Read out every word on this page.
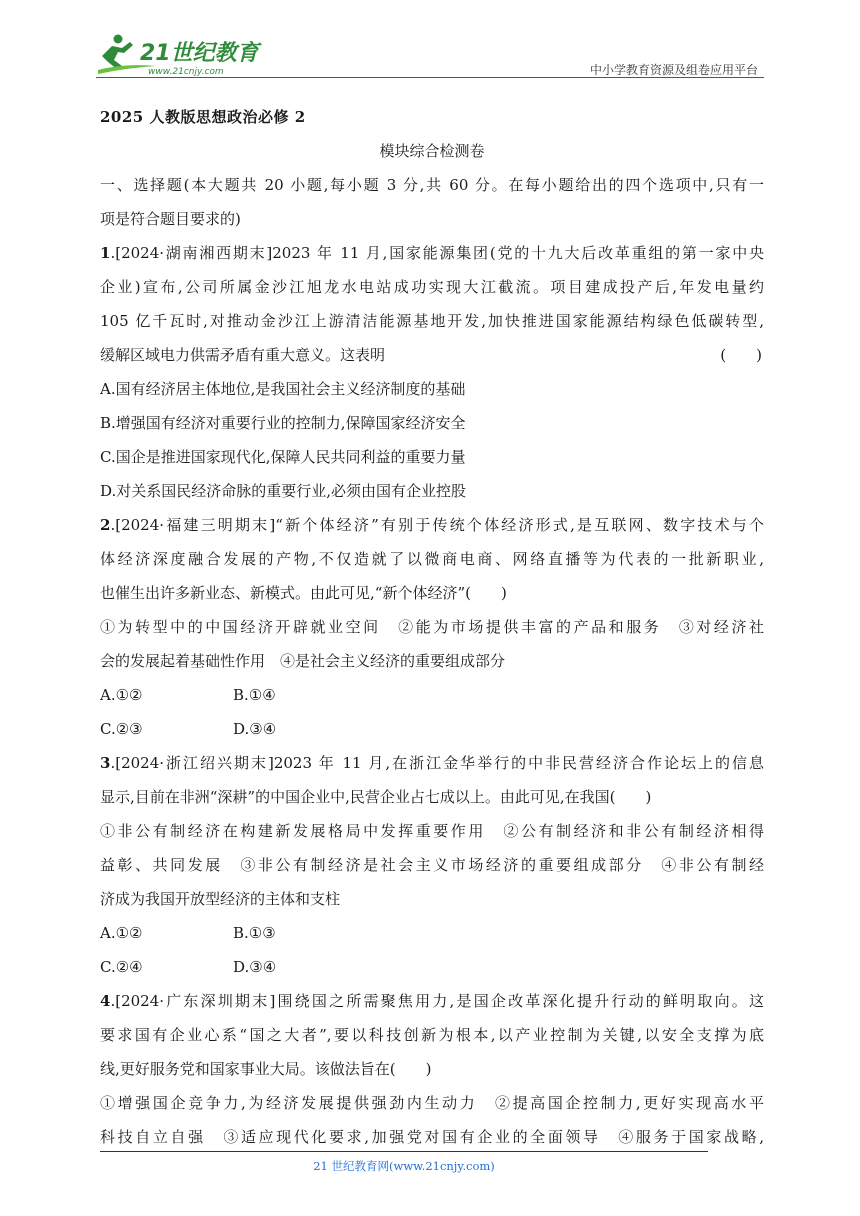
21世纪教育
www.21cnjy.com	中小学教育资源及组卷应用平台
2025 人教版思想政治必修 2
模块综合检测卷
一、选择题(本大题共 20 小题,每小题 3 分,共 60 分。在每小题给出的四个选项中,只有一
项是符合题目要求的)
1.[2024·湖南湘西期末]2023 年 11 月,国家能源集团(党的十九大后改革重组的第一家中央
企业)宣布,公司所属金沙江旭龙水电站成功实现大江截流。项目建成投产后,年发电量约
105 亿千瓦时,对推动金沙江上游清洁能源基地开发,加快推进国家能源结构绿色低碳转型,
缓解区域电力供需矛盾有重大意义。这表明	(　　)
A.国有经济居主体地位,是我国社会主义经济制度的基础
B.增强国有经济对重要行业的控制力,保障国家经济安全
C.国企是推进国家现代化,保障人民共同利益的重要力量
D.对关系国民经济命脉的重要行业,必须由国有企业控股
2.[2024·福建三明期末]“新个体经济”有别于传统个体经济形式,是互联网、数字技术与个
体经济深度融合发展的产物,不仅造就了以微商电商、网络直播等为代表的一批新职业,
也催生出许多新业态、新模式。由此可见,“新个体经济”(　　)
①为转型中的中国经济开辟就业空间　②能为市场提供丰富的产品和服务　③对经济社
会的发展起着基础性作用　④是社会主义经济的重要组成部分
A.①②	B.①④
C.②③	D.③④
3.[2024·浙江绍兴期末]2023 年 11 月,在浙江金华举行的中非民营经济合作论坛上的信息
显示,目前在非洲“深耕”的中国企业中,民营企业占七成以上。由此可见,在我国(　　)
①非公有制经济在构建新发展格局中发挥重要作用　②公有制经济和非公有制经济相得
益彰、共同发展　③非公有制经济是社会主义市场经济的重要组成部分　④非公有制经
济成为我国开放型经济的主体和支柱
A.①②	B.①③
C.②④	D.③④
4.[2024·广东深圳期末]围绕国之所需聚焦用力,是国企改革深化提升行动的鲜明取向。这
要求国有企业心系“国之大者”,要以科技创新为根本,以产业控制为关键,以安全支撑为底
线,更好服务党和国家事业大局。该做法旨在(　　)
①增强国企竞争力,为经济发展提供强劲内生动力　②提高国企控制力,更好实现高水平
科技自立自强　③适应现代化要求,加强党对国有企业的全面领导　④服务于国家战略,
21 世纪教育网(www.21cnjy.com)
